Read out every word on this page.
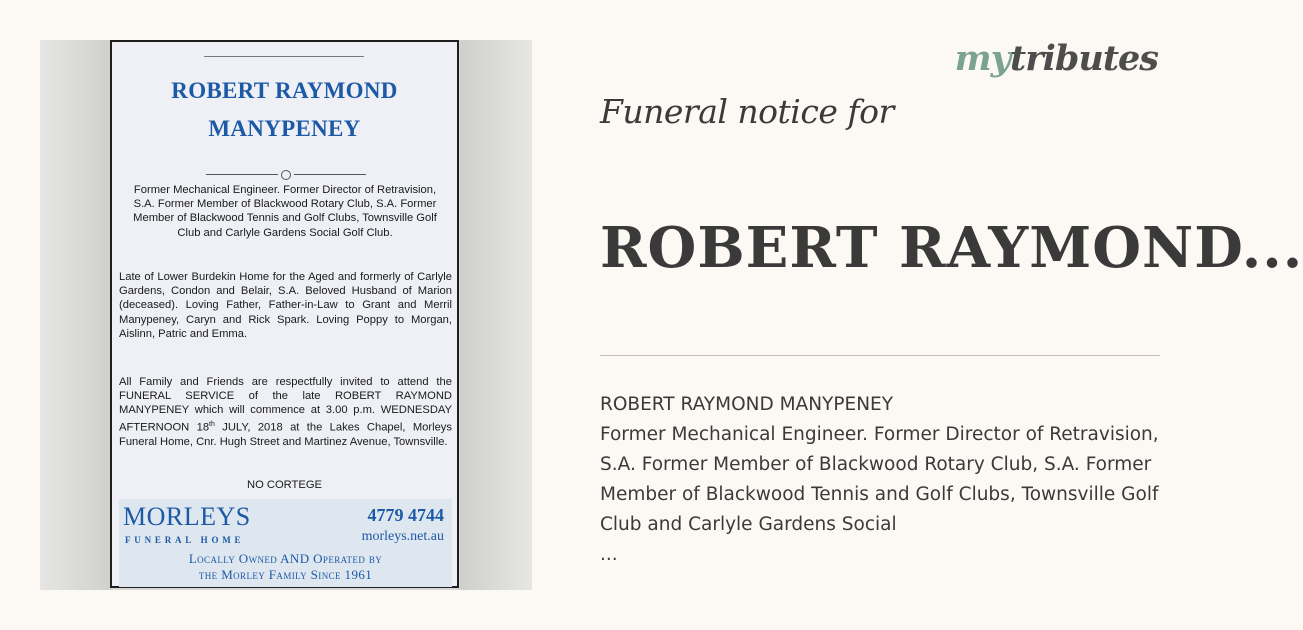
ROBERT RAYMOND
MANYPENEY
Former Mechanical Engineer. Former Director of Retravision, S.A. Former Member of Blackwood Rotary Club, S.A. Former Member of Blackwood Tennis and Golf Clubs, Townsville Golf Club and Carlyle Gardens Social Golf Club.
Late of Lower Burdekin Home for the Aged and formerly of Carlyle Gardens, Condon and Belair, S.A. Beloved Husband of Marion (deceased). Loving Father, Father-in-Law to Grant and Merril Manypeney, Caryn and Rick Spark. Loving Poppy to Morgan, Aislinn, Patric and Emma.
All Family and Friends are respectfully invited to attend the FUNERAL SERVICE of the late ROBERT RAYMOND MANYPENEY which will commence at 3.00 p.m. WEDNESDAY AFTERNOON 18th JULY, 2018 at the Lakes Chapel, Morleys Funeral Home, Cnr. Hugh Street and Martinez Avenue, Townsville.
NO CORTEGE
MORLEYS
FUNERAL HOME
4779 4744
morleys.net.au
Locally Owned AND Operated by
the Morley Family Since 1961
mytributes
Funeral notice for
ROBERT RAYMOND...

ROBERT RAYMOND MANYPENEY

Former Mechanical Engineer. Former Director of Retravision, S.A. Former Member of Blackwood Rotary Club, S.A. Former Member of Blackwood Tennis and Golf Clubs, Townsville Golf Club and Carlyle Gardens Social

...
